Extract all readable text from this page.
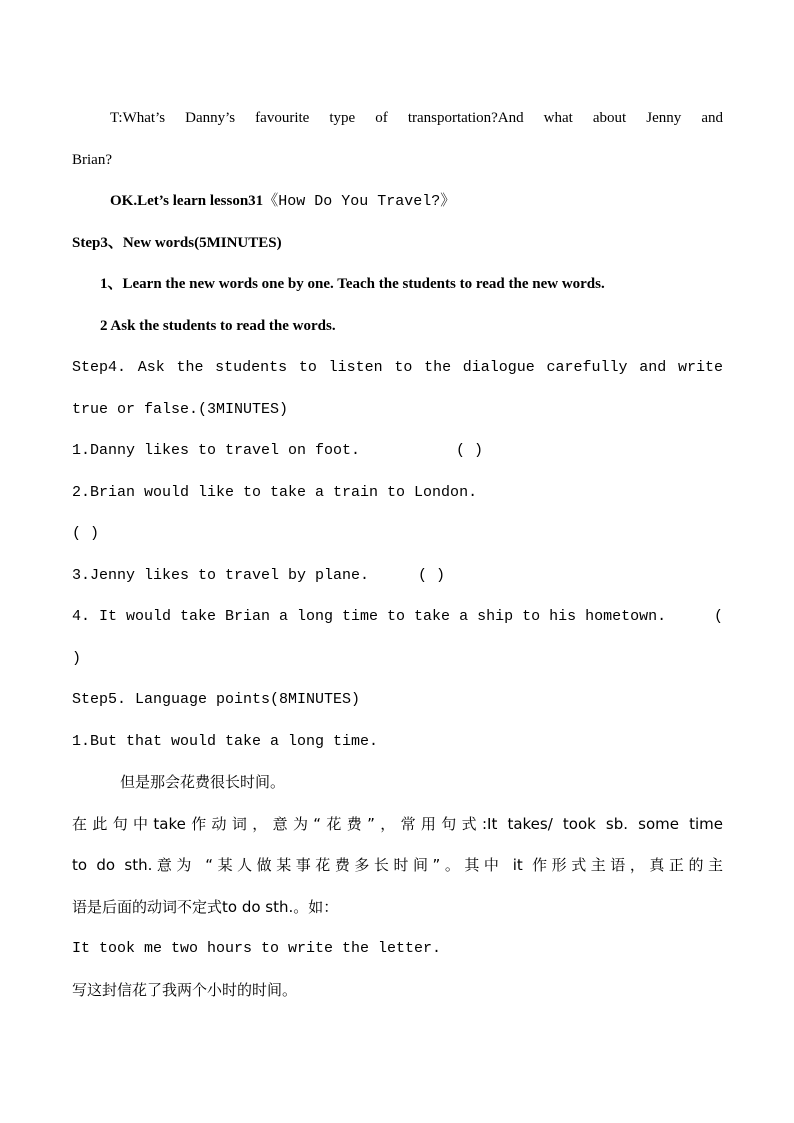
T:What’s Danny’s favourite type of transportation?And what about Jenny and
Brian?
OK.Let’s learn lesson31《How Do You Travel?》
Step3、New words(5MINUTES)
1、Learn the new words one by one. Teach the students to read the new words.
2 Ask the students to read the words.
Step4. Ask the students to listen to the dialogue carefully and write
true or false.(3MINUTES)
1.Danny likes to travel on foot.	( )
2.Brian would like to take a train to London.
( )
3.Jenny likes to travel by plane.	( )
4. It would take Brian a long time to take a ship to his hometown.	(
)
Step5. Language points(8MINUTES)
1.But that would take a long time.
但是那会花费很长时间。
在此句中take作动词，意为“花费”，常用句式:It takes/ took sb. some time
to do sth.意为 “某人做某事花费多长时间”。其中 it 作形式主语，真正的主
语是后面的动词不定式to do sth.。如：
It took me two hours to write the letter.
写这封信花了我两个小时的时间。
